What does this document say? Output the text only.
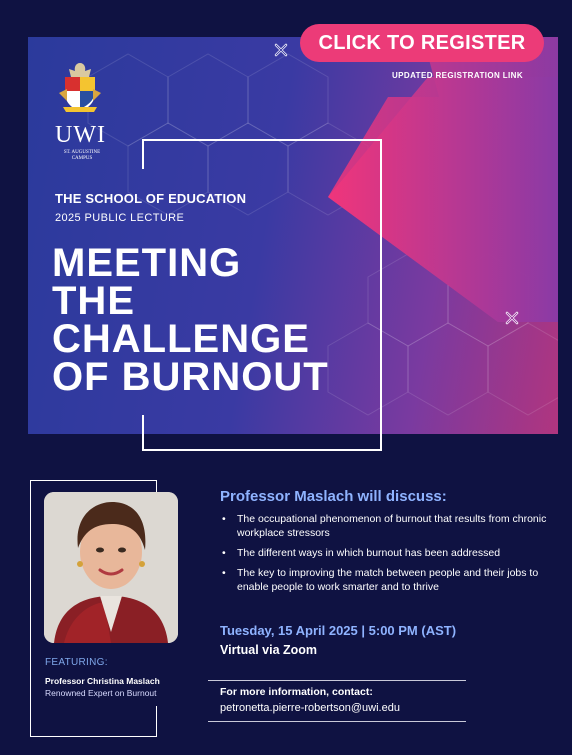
UWI
ST. AUGUSTINE
CAMPUS
THE SCHOOL OF EDUCATION
2025 PUBLIC LECTURE
MEETING
THE
CHALLENGE
OF BURNOUT
CLICK TO REGISTER
UPDATED REGISTRATION LINK
FEATURING:
Professor Christina Maslach
Renowned Expert on Burnout
Professor Maslach will discuss:
• The occupational phenomenon of burnout that results from chronic workplace stressors
• The different ways in which burnout has been addressed
• The key to improving the match between people and their jobs to enable people to work smarter and to thrive
Tuesday, 15 April 2025 | 5:00 PM (AST)
Virtual via Zoom
For more information, contact:
petronetta.pierre-robertson@uwi.edu
